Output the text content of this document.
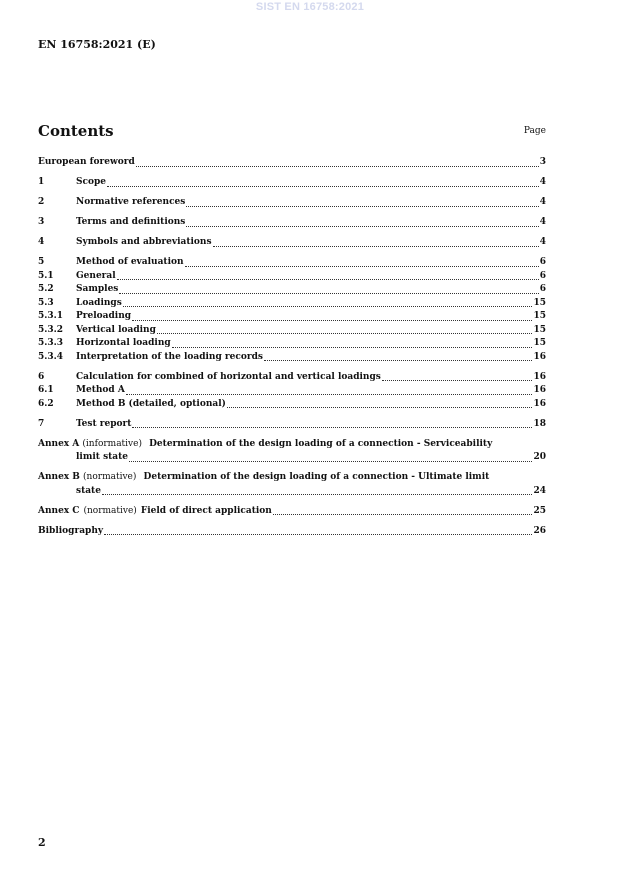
SIST EN 16758:2021
EN 16758:2021 (E)
Contents	Page
European foreword	3
1	Scope	4
2	Normative references	4
3	Terms and definitions	4
4	Symbols and abbreviations	4
5	Method of evaluation	6
5.1	General	6
5.2	Samples	6
5.3	Loadings	15
5.3.1	Preloading	15
5.3.2	Vertical loading	15
5.3.3	Horizontal loading	15
5.3.4	Interpretation of the loading records	16
6	Calculation for combined of horizontal and vertical loadings	16
6.1	Method A	16
6.2	Method B (detailed, optional)	16
7	Test report	18
Annex A (informative) Determination of the design loading of a connection - Serviceability
limit state	20
Annex B (normative) Determination of the design loading of a connection - Ultimate limit
state	24
Annex C (normative) Field of direct application	25
Bibliography	26
2
